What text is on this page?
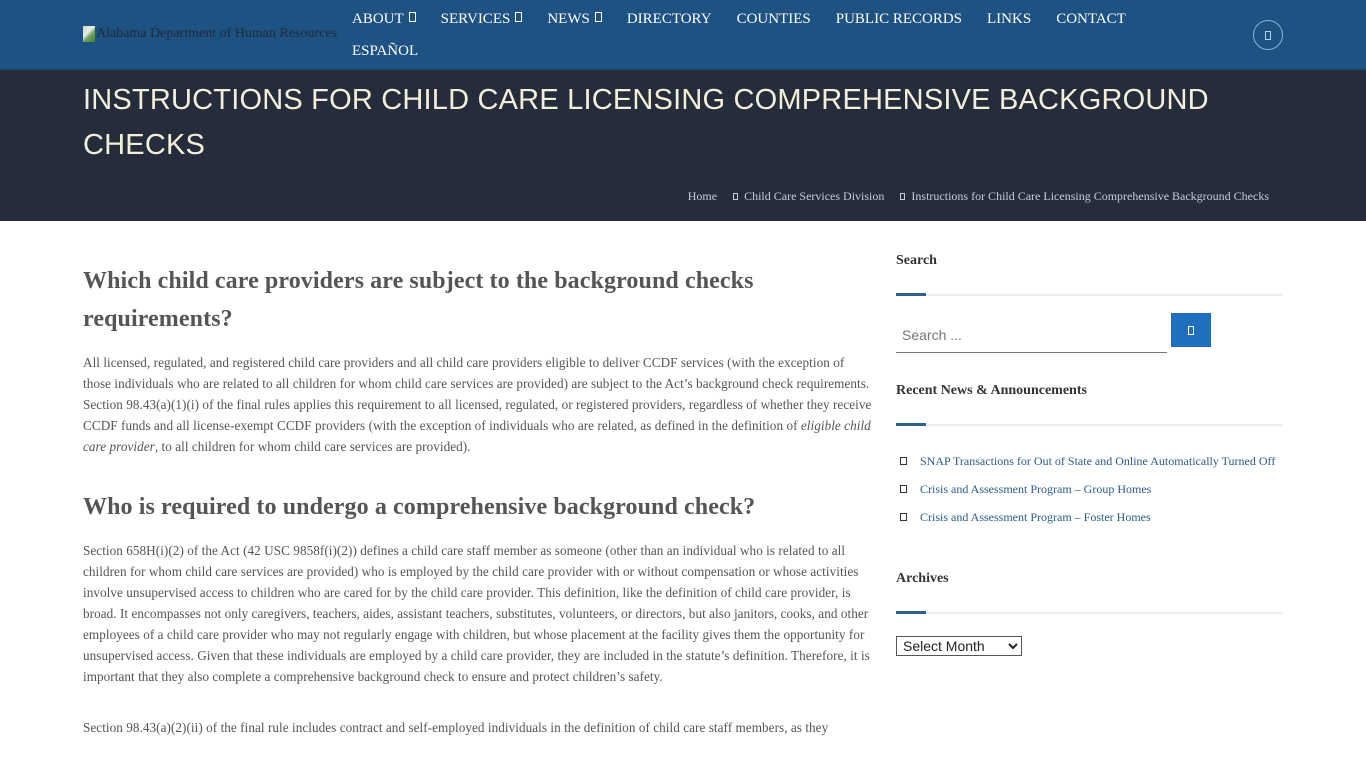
Alabama Department of Human Resources
ABOUT	SERVICES	NEWS	DIRECTORY COUNTIES PUBLIC RECORDS LINKS CONTACT
ESPAÑOL
INSTRUCTIONS FOR CHILD CARE LICENSING COMPREHENSIVE BACKGROUND CHECKS
Home Child Care Services Division Instructions for Child Care Licensing Comprehensive Background Checks
Which child care providers are subject to the background checks requirements?

All licensed, regulated, and registered child care providers and all child care providers eligible to deliver CCDF services (with the exception of those individuals who are related to all children for whom child care services are provided) are subject to the Act’s background check requirements. Section 98.43(a)(1)(i) of the final rules applies this requirement to all licensed, regulated, or registered providers, regardless of whether they receive CCDF funds and all license-exempt CCDF providers (with the exception of individuals who are related, as defined in the definition of eligible child care provider, to all children for whom child care services are provided).

Who is required to undergo a comprehensive background check?

Section 658H(i)(2) of the Act (42 USC 9858f(i)(2)) defines a child care staff member as someone (other than an individual who is related to all children for whom child care services are provided) who is employed by the child care provider with or without compensation or whose activities involve unsupervised access to children who are cared for by the child care provider. This definition, like the definition of child care provider, is broad. It encompasses not only caregivers, teachers, aides, assistant teachers, substitutes, volunteers, or directors, but also janitors, cooks, and other employees of a child care provider who may not regularly engage with children, but whose placement at the facility gives them the opportunity for unsupervised access. Given that these individuals are employed by a child care provider, they are included in the statute’s definition. Therefore, it is important that they also complete a comprehensive background check to ensure and protect children’s safety.

Section 98.43(a)(2)(ii) of the final rule includes contract and self-employed individuals in the definition of child care staff members, as they

Search
Search ...
Recent News & Announcements
SNAP Transactions for Out of State and Online Automatically Turned Off
Crisis and Assessment Program – Group Homes
Crisis and Assessment Program – Foster Homes
Archives
Select Month
